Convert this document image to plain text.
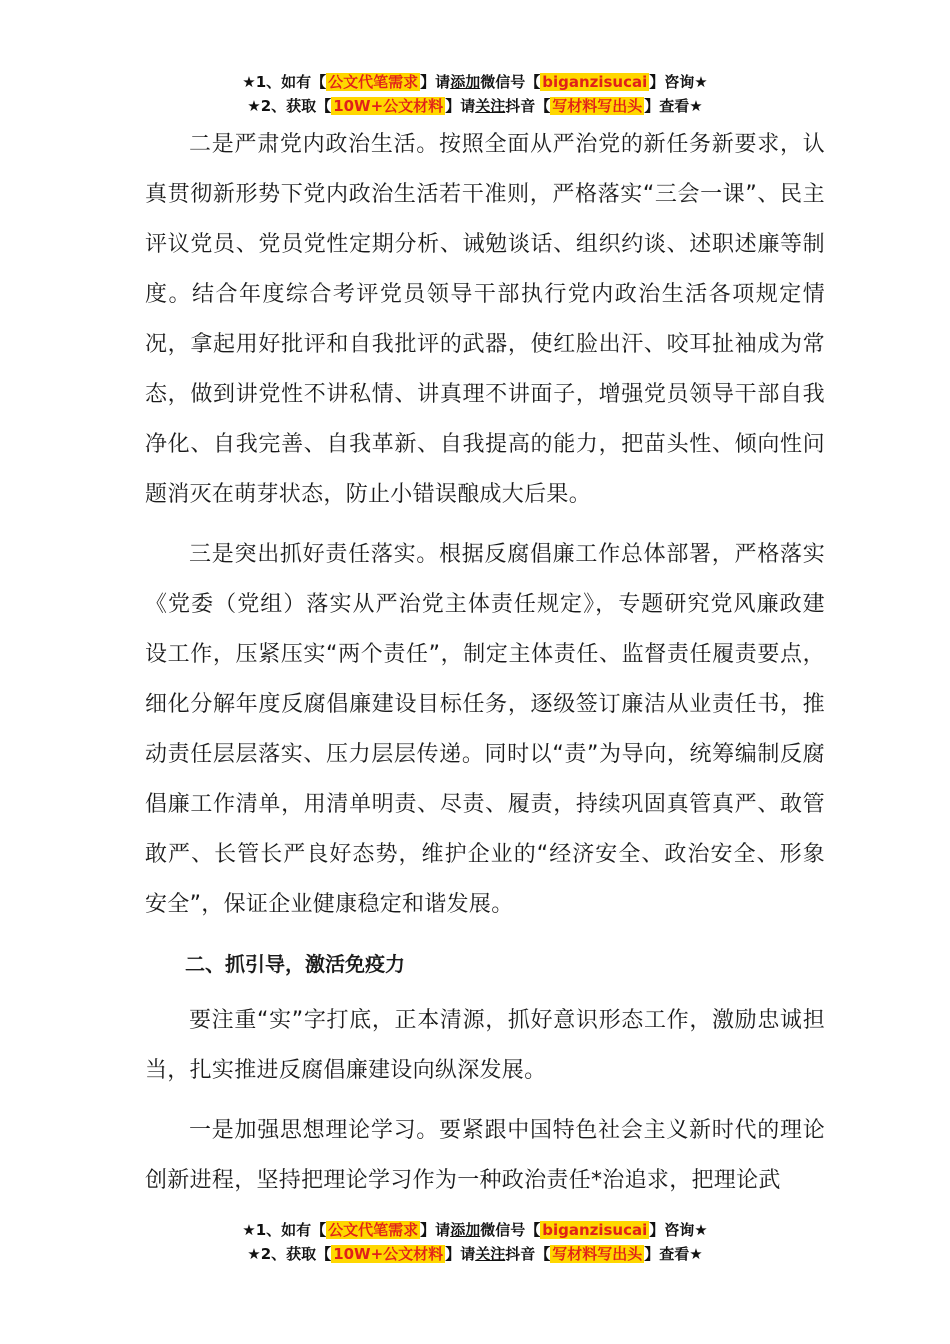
★1、如有【 公文代笔需求 】请添加微信号【 biganzisucai 】咨询★
★2、获取【 10W+公文材料 】请关注抖音【 写材料写出头 】查看★

二是严肃党内政治生活。按照全面从严治党的新任务新要求，认真贯彻新形势下党内政治生活若干准则，严格落实“三会一课”、民主评议党员、党员党性定期分析、诫勉谈话、组织约谈、述职述廉等制度。结合年度综合考评党员领导干部执行党内政治生活各项规定情况，拿起用好批评和自我批评的武器，使红脸出汗、咬耳扯袖成为常态，做到讲党性不讲私情、讲真理不讲面子，增强党员领导干部自我净化、自我完善、自我革新、自我提高的能力，把苗头性、倾向性问题消灭在萌芽状态，防止小错误酿成大后果。

三是突出抓好责任落实。根据反腐倡廉工作总体部署，严格落实《党委（党组）落实从严治党主体责任规定》，专题研究党风廉政建设工作，压紧压实“两个责任”，制定主体责任、监督责任履责要点，细化分解年度反腐倡廉建设目标任务，逐级签订廉洁从业责任书，推动责任层层落实、压力层层传递。同时以“责”为导向，统筹编制反腐倡廉工作清单，用清单明责、尽责、履责，持续巩固真管真严、敢管敢严、长管长严良好态势，维护企业的“经济安全、政治安全、形象安全”，保证企业健康稳定和谐发展。

二、抓引导，激活免疫力

要注重“实”字打底，正本清源，抓好意识形态工作，激励忠诚担当，扎实推进反腐倡廉建设向纵深发展。

一是加强思想理论学习。要紧跟中国特色社会主义新时代的理论创新进程，坚持把理论学习作为一种政治责任*治追求，把理论武

★1、如有【 公文代笔需求 】请添加微信号【 biganzisucai 】咨询★
★2、获取【 10W+公文材料 】请关注抖音【 写材料写出头 】查看★
